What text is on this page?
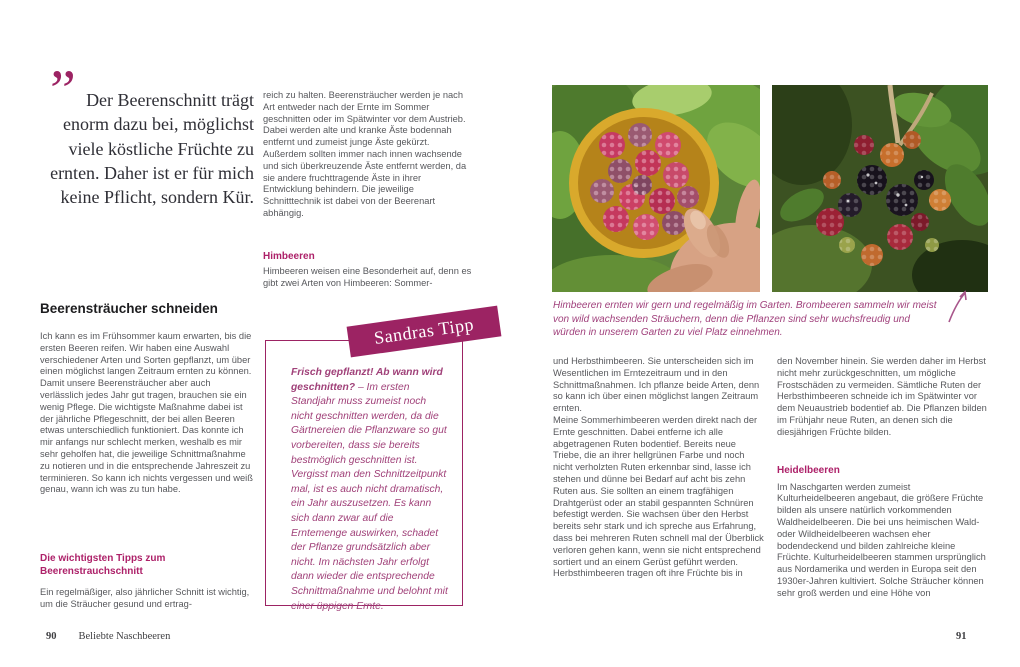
” Der Beerenschnitt trägt enorm dazu bei, möglichst viele köstliche Früchte zu ernten. Daher ist er für mich keine Pflicht, sondern Kür.
Beerensträucher schneiden

Ich kann es im Frühsommer kaum erwarten, bis die ersten Beeren reifen. Wir haben eine Auswahl verschiedener Arten und Sorten gepflanzt, um über einen möglichst langen Zeitraum ernten zu können. Damit unsere Beerensträucher aber auch verlässlich jedes Jahr gut tragen, brauchen sie ein wenig Pflege. Die wichtigste Maßnahme dabei ist der jährliche Pflegeschnitt, der bei allen Beeren etwas unterschiedlich funktioniert. Das konnte ich mir anfangs nur schlecht merken, weshalb es mir sehr geholfen hat, die jeweilige Schnittmaßnahme zu notieren und in die entsprechende Jahreszeit zu terminieren. So kann ich nichts vergessen und weiß genau, wann ich was zu tun habe.

Die wichtigsten Tipps zum Beerenstrauchschnitt

Ein regelmäßiger, also jährlicher Schnitt ist wichtig, um die Sträucher gesund und ertrag-

90 Beliebte Naschbeeren

reich zu halten. Beerensträucher werden je nach Art entweder nach der Ernte im Sommer geschnitten oder im Spätwinter vor dem Austrieb. Dabei werden alte und kranke Äste bodennah entfernt und zumeist junge Äste gekürzt. Außerdem sollten immer nach innen wachsende und sich überkreuzende Äste entfernt werden, da sie andere fruchttragende Äste in ihrer Entwicklung behindern. Die jeweilige Schnitttechnik ist dabei von der Beerenart abhängig.

Himbeeren

Himbeeren weisen eine Besonderheit auf, denn es gibt zwei Arten von Himbeeren: Sommer-

Sandras Tipp

Frisch gepflanzt! Ab wann wird geschnitten? – Im ersten Standjahr muss zumeist noch nicht geschnitten werden, da die Gärtnereien die Pflanzware so gut vorbereiten, dass sie bereits bestmöglich geschnitten ist. Vergisst man den Schnittzeitpunkt mal, ist es auch nicht dramatisch, ein Jahr auszusetzen. Es kann sich dann zwar auf die Erntemenge auswirken, schadet der Pflanze grundsätzlich aber nicht. Im nächsten Jahr erfolgt dann wieder die entsprechende Schnittmaßnahme und belohnt mit einer üppigen Ernte.

Himbeeren ernten wir gern und regelmäßig im Garten. Brombeeren sammeln wir meist von wild wachsenden Sträuchern, denn die Pflanzen sind sehr wuchsfreudig und würden in unserem Garten zu viel Platz einnehmen.

und Herbsthimbeeren. Sie unterscheiden sich im Wesentlichen im Erntezeitraum und in den Schnittmaßnahmen. Ich pflanze beide Arten, denn so kann ich über einen möglichst langen Zeitraum ernten.

Meine Sommerhimbeeren werden direkt nach der Ernte geschnitten. Dabei entferne ich alle abgetragenen Ruten bodentief. Bereits neue Triebe, die an ihrer hellgrünen Farbe und noch nicht verholzten Ruten erkennbar sind, lasse ich stehen und dünne bei Bedarf auf acht bis zehn Ruten aus. Sie sollten an einem tragfähigen Drahtgerüst oder an stabil gespannten Schnüren befestigt werden. Sie wachsen über den Herbst bereits sehr stark und ich spreche aus Erfahrung, dass bei mehreren Ruten schnell mal der Überblick verloren gehen kann, wenn sie nicht entsprechend sortiert und an einem Gerüst geführt werden.

Herbsthimbeeren tragen oft ihre Früchte bis in

den November hinein. Sie werden daher im Herbst nicht mehr zurückgeschnitten, um mögliche Frostschäden zu vermeiden. Sämtliche Ruten der Herbsthimbeeren schneide ich im Spätwinter vor dem Neuaustrieb bodentief ab. Die Pflanzen bilden im Frühjahr neue Ruten, an denen sich die diesjährigen Früchte bilden.

Heidelbeeren

Im Naschgarten werden zumeist Kulturheidelbeeren angebaut, die größere Früchte bilden als unsere natürlich vorkommenden Waldheidelbeeren. Die bei uns heimischen Wald- oder Wildheidelbeeren wachsen eher bodendeckend und bilden zahlreiche kleine Früchte. Kulturheidelbeeren stammen ursprünglich aus Nordamerika und werden in Europa seit den 1930er-Jahren kultiviert. Solche Sträucher können sehr groß werden und eine Höhe von

91
